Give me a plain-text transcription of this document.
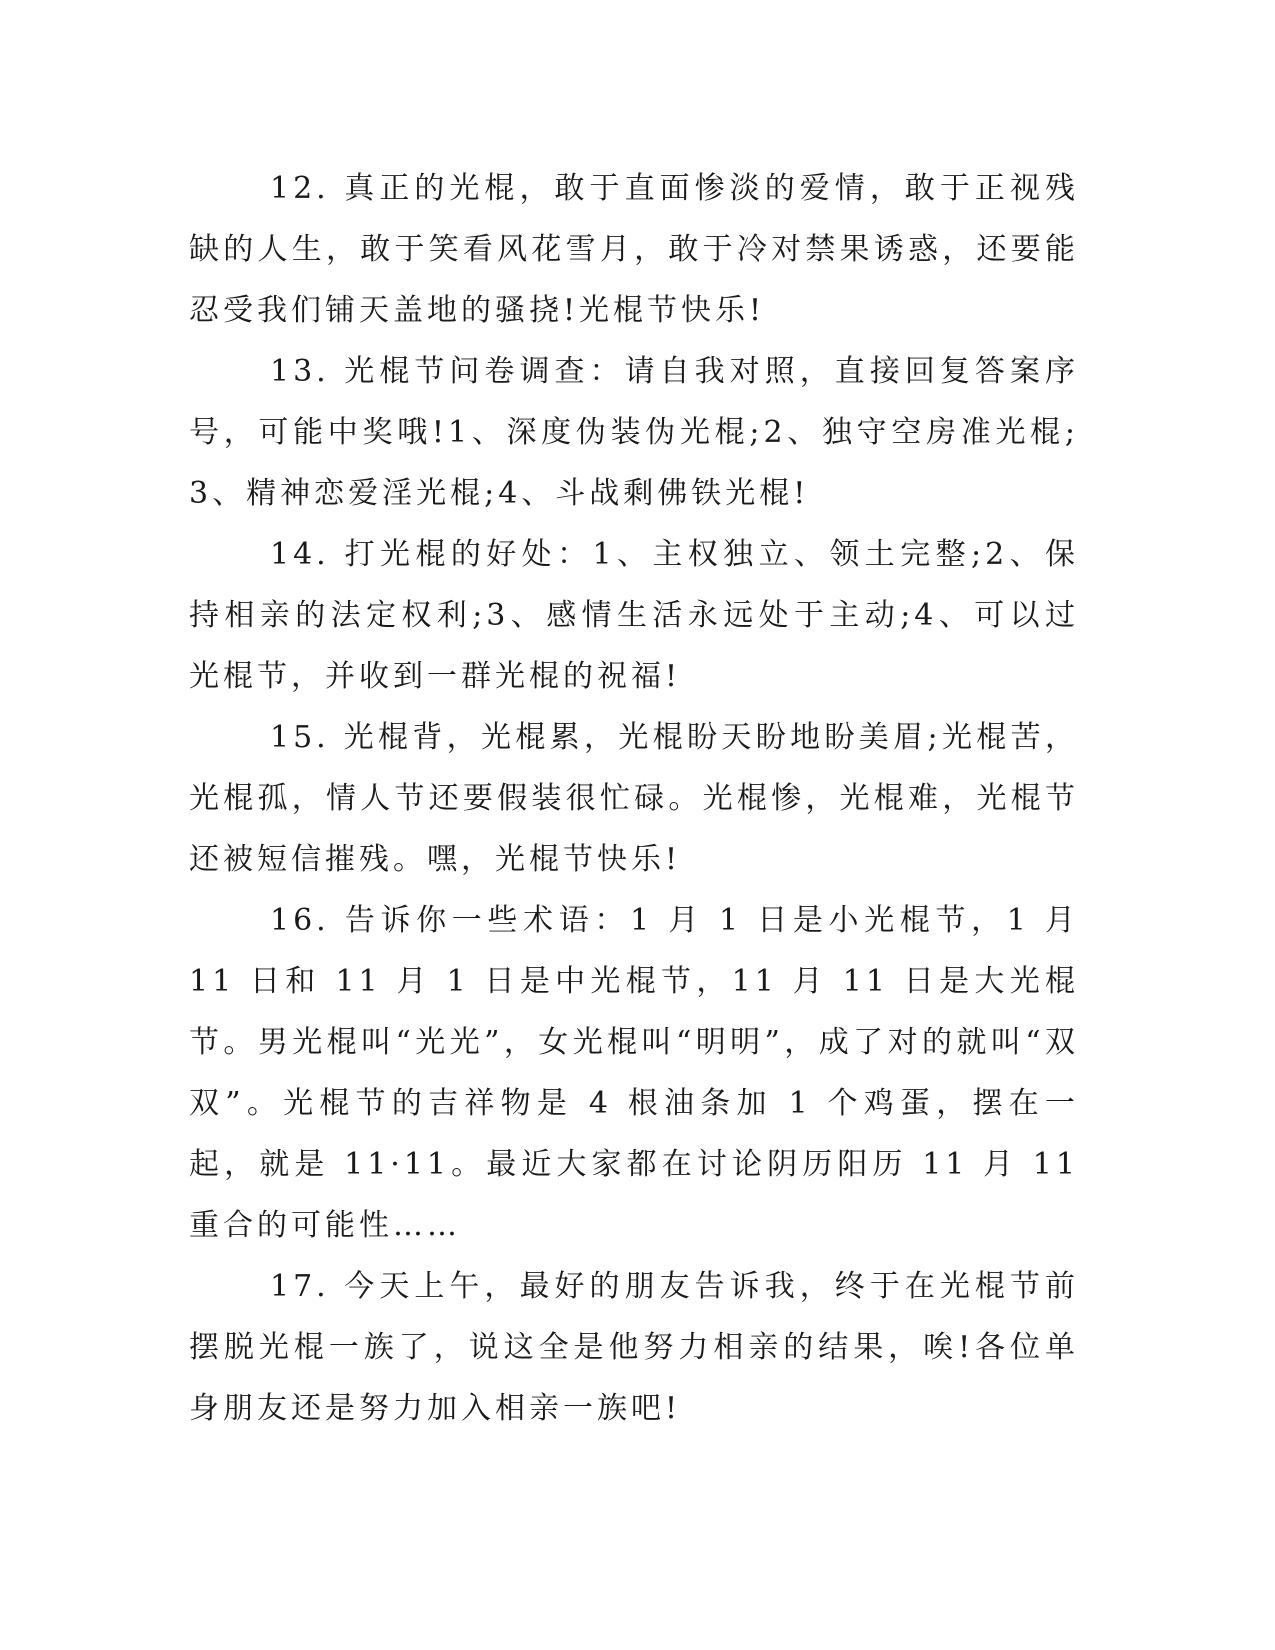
12. 真正的光棍，敢于直面惨淡的爱情，敢于正视残缺的人生，敢于笑看风花雪月，敢于冷对禁果诱惑，还要能忍受我们铺天盖地的骚挠!光棍节快乐!

13. 光棍节问卷调查：请自我对照，直接回复答案序号，可能中奖哦!1、深度伪装伪光棍;2、独守空房准光棍;3、精神恋爱淫光棍;4、斗战剩佛铁光棍!

14. 打光棍的好处：1、主权独立、领土完整;2、保持相亲的法定权利;3、感情生活永远处于主动;4、可以过光棍节，并收到一群光棍的祝福!

15. 光棍背，光棍累，光棍盼天盼地盼美眉;光棍苦，光棍孤，情人节还要假装很忙碌。光棍惨，光棍难，光棍节还被短信摧残。嘿，光棍节快乐!

16. 告诉你一些术语：1 月 1 日是小光棍节，1 月 11 日和 11 月 1 日是中光棍节，11 月 11 日是大光棍节。男光棍叫“光光”，女光棍叫“明明”，成了对的就叫“双双”。光棍节的吉祥物是 4 根油条加 1 个鸡蛋，摆在一起，就是 11·11。最近大家都在讨论阴历阳历 11 月 11 重合的可能性……

17. 今天上午，最好的朋友告诉我，终于在光棍节前摆脱光棍一族了，说这全是他努力相亲的结果，唉!各位单身朋友还是努力加入相亲一族吧!
